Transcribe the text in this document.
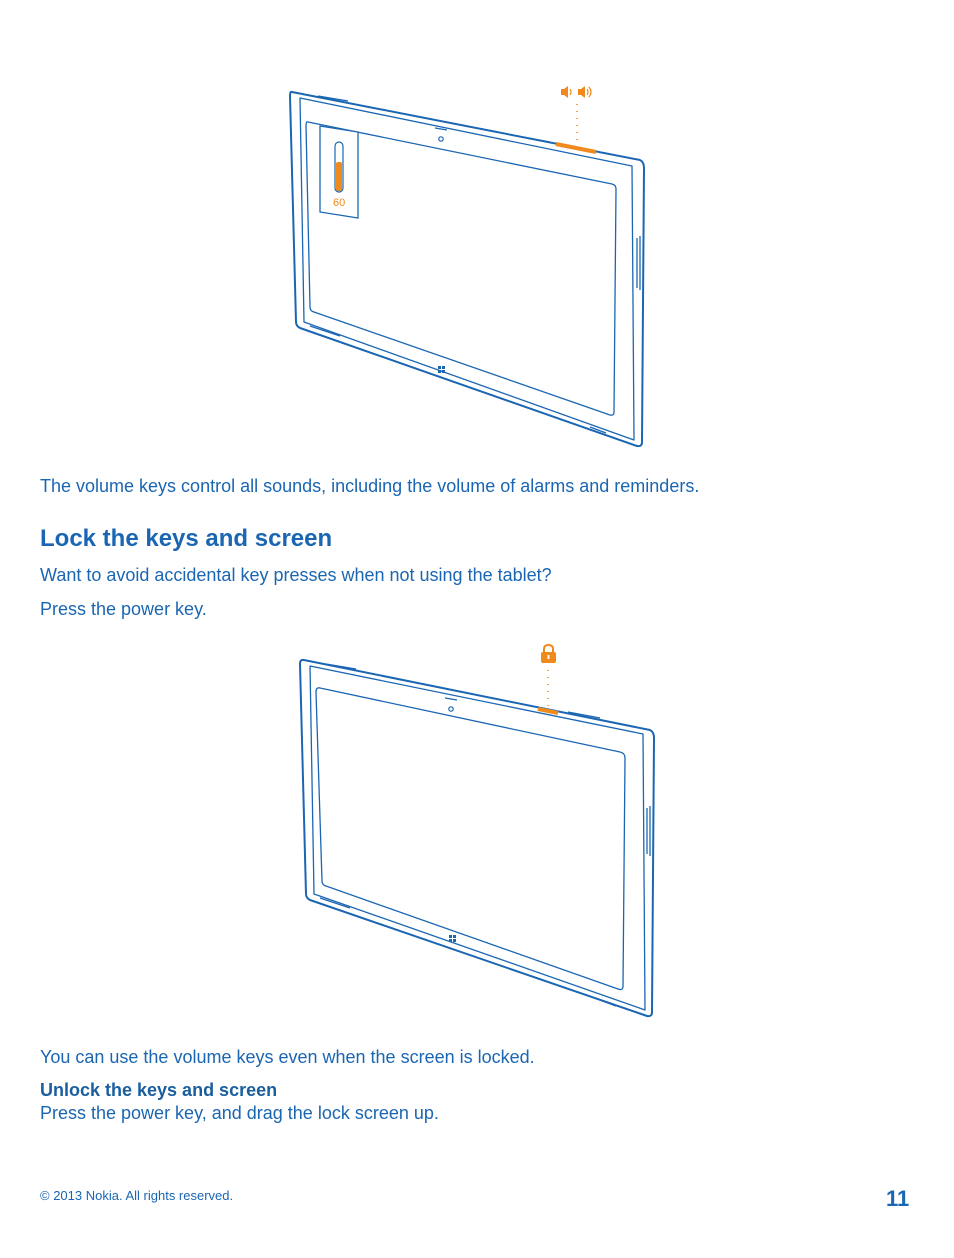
60
The volume keys control all sounds, including the volume of alarms and reminders.
Lock the keys and screen
Want to avoid accidental key presses when not using the tablet?
Press the power key.
You can use the volume keys even when the screen is locked.
Unlock the keys and screen
Press the power key, and drag the lock screen up.
© 2013 Nokia. All rights reserved.	11
